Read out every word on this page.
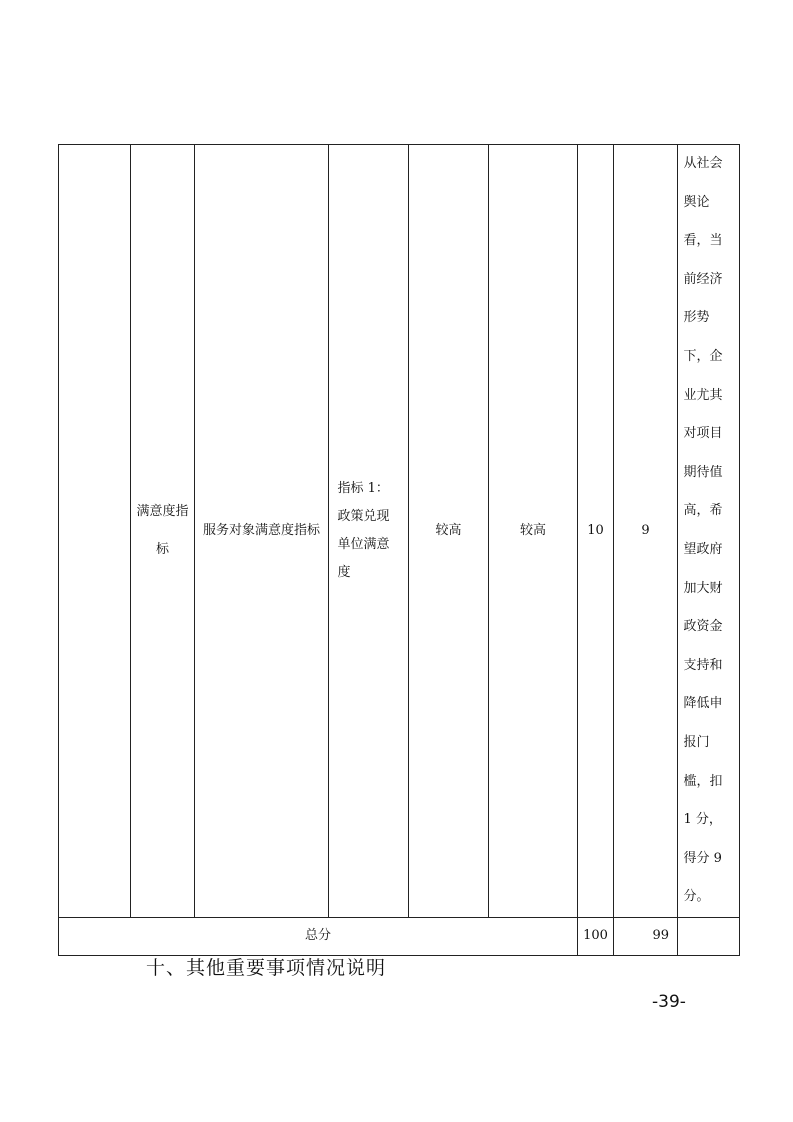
	满意度指标	服务对象满意度指标	指标 1：政策兑现单位满意度	较高	较高	10	9	从社会舆论看，当前经济形势下，企业尤其对项目期待值高，希望政府加大财政资金支持和降低申报门槛，扣 1 分，得分 9 分。

总分						100	99	
十、其他重要事项情况说明
-39-
